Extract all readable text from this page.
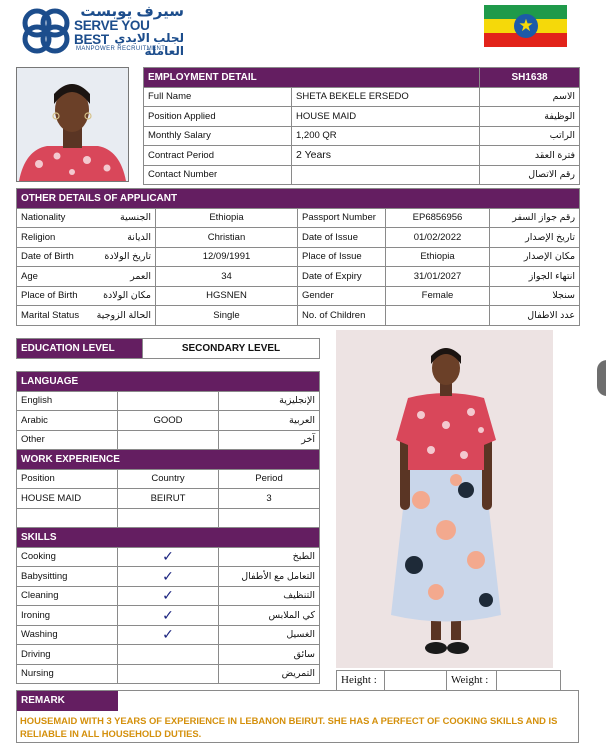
سيرف يوبست
SERVE YOU BEST لجلب الايدي العاملة
MANPOWER RECRUITMENT
★
EMPLOYMENT DETAIL		SH1638
Full Name	SHETA BEKELE ERSEDO	الاسم
Position Applied	HOUSE MAID	الوظيفة
Monthly Salary	1,200 QR	الراتب
Contract Period	2 Years	فترة العقد
Contact Number		رقم الاتصال
OTHER DETAILS OF APPLICANT				

Nationality الجنسية	Ethiopia	Passport Number	EP6856956	رقم جواز السفر

Religion الديانة	Christian	Date of Issue	01/02/2022	تاريخ الإصدار

Date of Birth تاريخ الولادة	12/09/1991	Place of Issue	Ethiopia	مكان الإصدار

Age العمر	34	Date of Expiry	31/01/2027	انتهاء الجواز

Place of Birth مكان الولادة	HGSNEN	Gender	Female	سنجلا

Marital Status الحالة الزوجية	Single	No. of Children		عدد الاطفال
EDUCATION LEVEL	SECONDARY LEVEL
LANGUAGE		
English		الإنجليزية
Arabic	GOOD	العربية
Other		آخر
WORK EXPERIENCE		
Position	Country	Period
HOUSE MAID	BEIRUT	3

SKILLS		
Cooking	✓	الطبخ
Babysitting	✓	التعامل مع الأطفال
Cleaning	✓	التنظيف
Ironing	✓	كي الملابس
Washing	✓	الغسيل
Driving		سائق
Nursing		التمريض
Height :		Weight :	
REMARK
HOUSEMAID WITH 3 YEARS OF EXPERIENCE IN LEBANON BEIRUT. SHE HAS A PERFECT OF COOKING SKILLS AND IS RELIABLE IN ALL HOUSEHOLD DUTIES.
